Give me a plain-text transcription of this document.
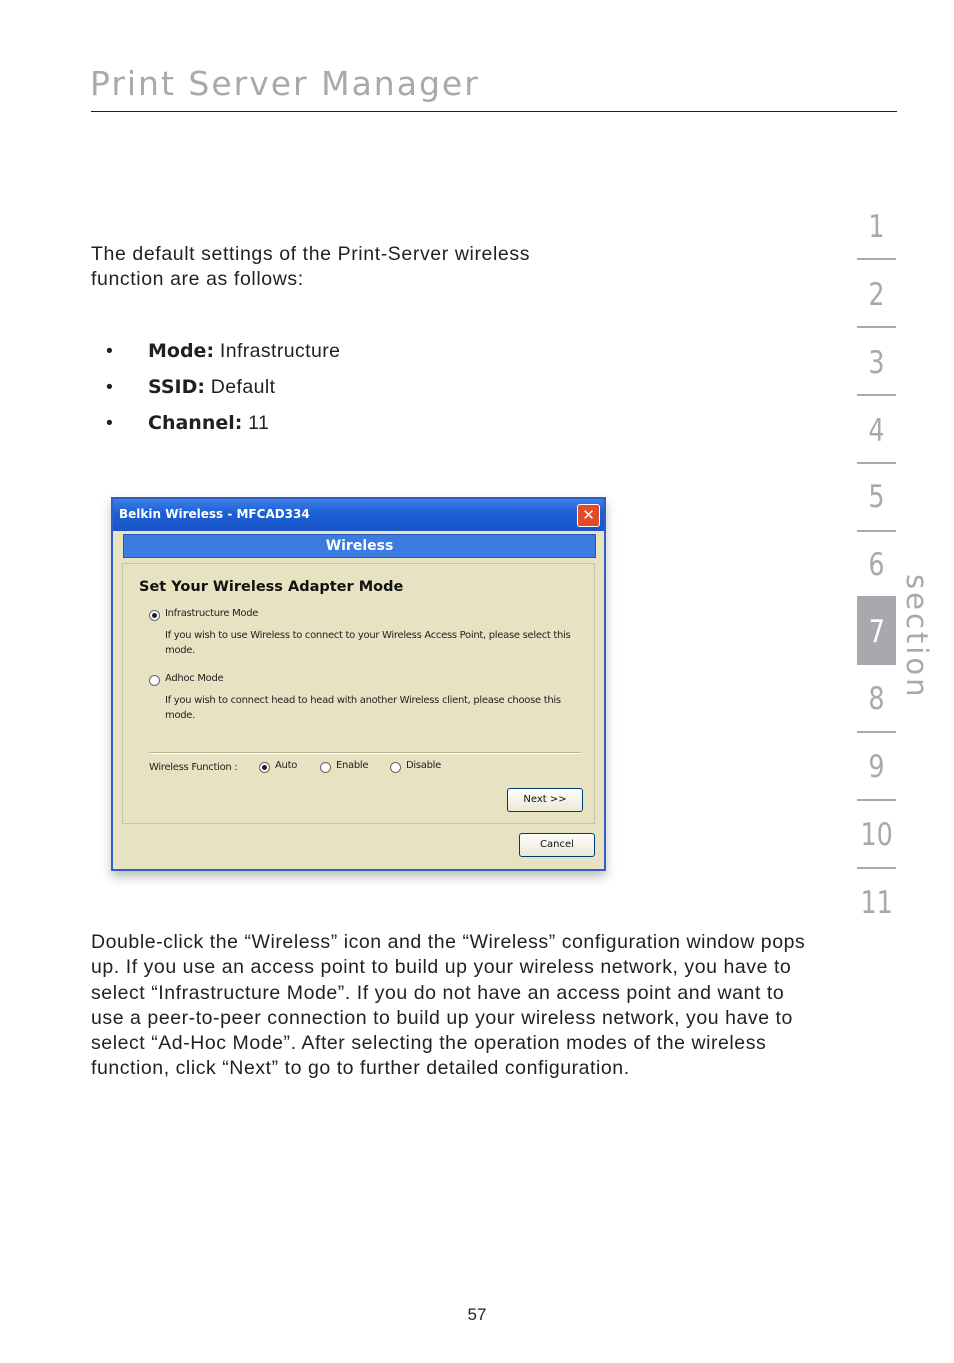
Print Server Manager
The default settings of the Print-Server wireless function are as follows:
• Mode: Infrastructure
• SSID: Default
• Channel: 11
Belkin Wireless - MFCAD334	✕
Wireless
Set Your Wireless Adapter Mode
Infrastructure Mode
If you wish to use Wireless to connect to your Wireless Access Point, please select this mode.
Adhoc Mode
If you wish to connect head to head with another Wireless client, please choose this mode.
Wireless Function :	Auto	Enable	Disable
Next >>
Cancel
Double-click the “Wireless” icon and the “Wireless” configuration window pops up. If you use an access point to build up your wireless network, you have to select “Infrastructure Mode”. If you do not have an access point and want to use a peer-to-peer connection to build up your wireless network, you have to select “Ad-Hoc Mode”. After selecting the operation modes of the wireless function, click “Next” to go to further detailed configuration.
57
1
2
3
4
5
6
7
8
9
10
11
section
